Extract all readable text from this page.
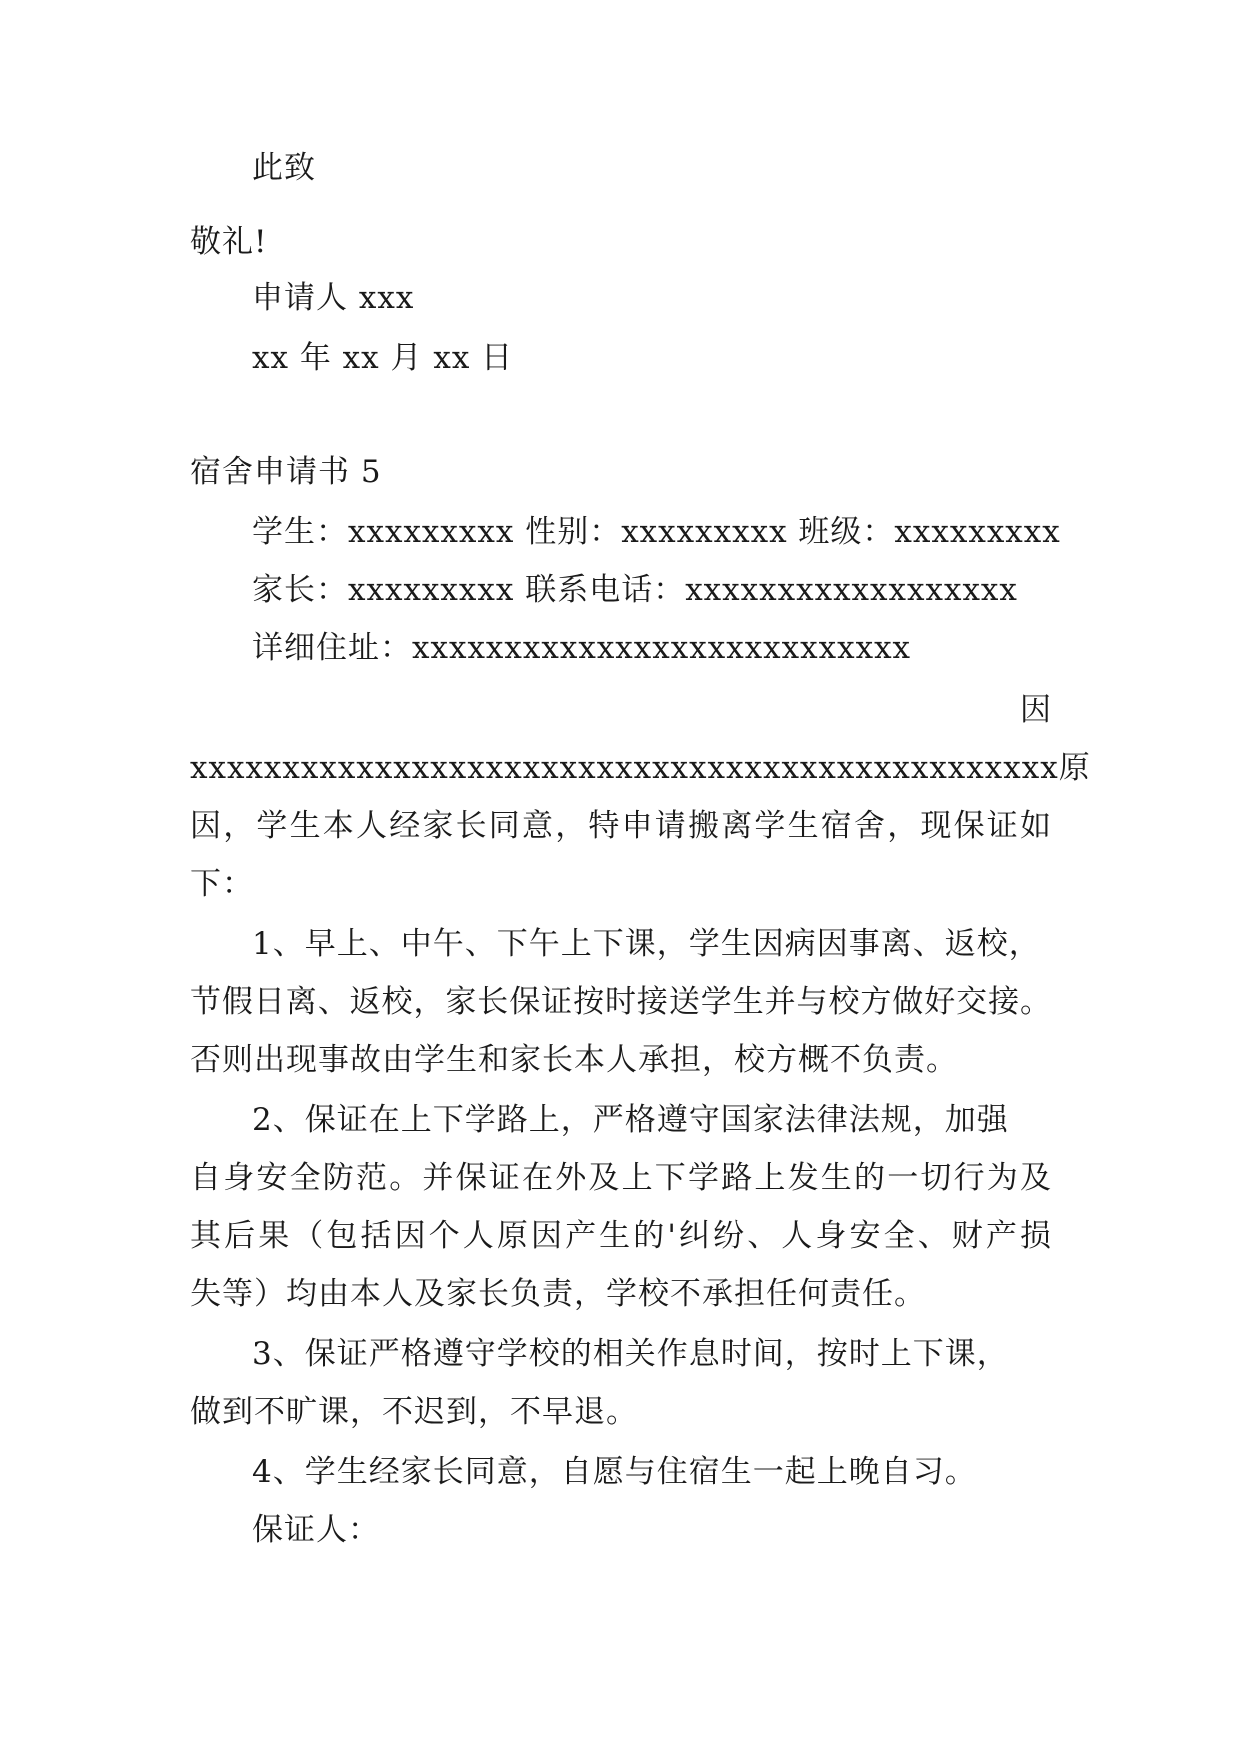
此致
敬礼!
申请人 xxx
xx 年 xx 月 xx 日
宿舍申请书 5
学生：xxxxxxxxx 性别：xxxxxxxxx 班级：xxxxxxxxx
家长：xxxxxxxxx 联系电话：xxxxxxxxxxxxxxxxxx
详细住址：xxxxxxxxxxxxxxxxxxxxxxxxxxx
因
xxxxxxxxxxxxxxxxxxxxxxxxxxxxxxxxxxxxxxxxxxxxxxx 原
因，学生本人经家长同意，特申请搬离学生宿舍，现保证如
下：
1、早上、中午、下午上下课，学生因病因事离、返校，
节假日离、返校，家长保证按时接送学生并与校方做好交接。
否则出现事故由学生和家长本人承担，校方概不负责。
2、保证在上下学路上，严格遵守国家法律法规，加强
自身安全防范。并保证在外及上下学路上发生的一切行为及
其后果（包括因个人原因产生的'纠纷、人身安全、财产损
失等）均由本人及家长负责，学校不承担任何责任。
3、保证严格遵守学校的相关作息时间，按时上下课，
做到不旷课，不迟到，不早退。
4、学生经家长同意，自愿与住宿生一起上晚自习。
保证人：
